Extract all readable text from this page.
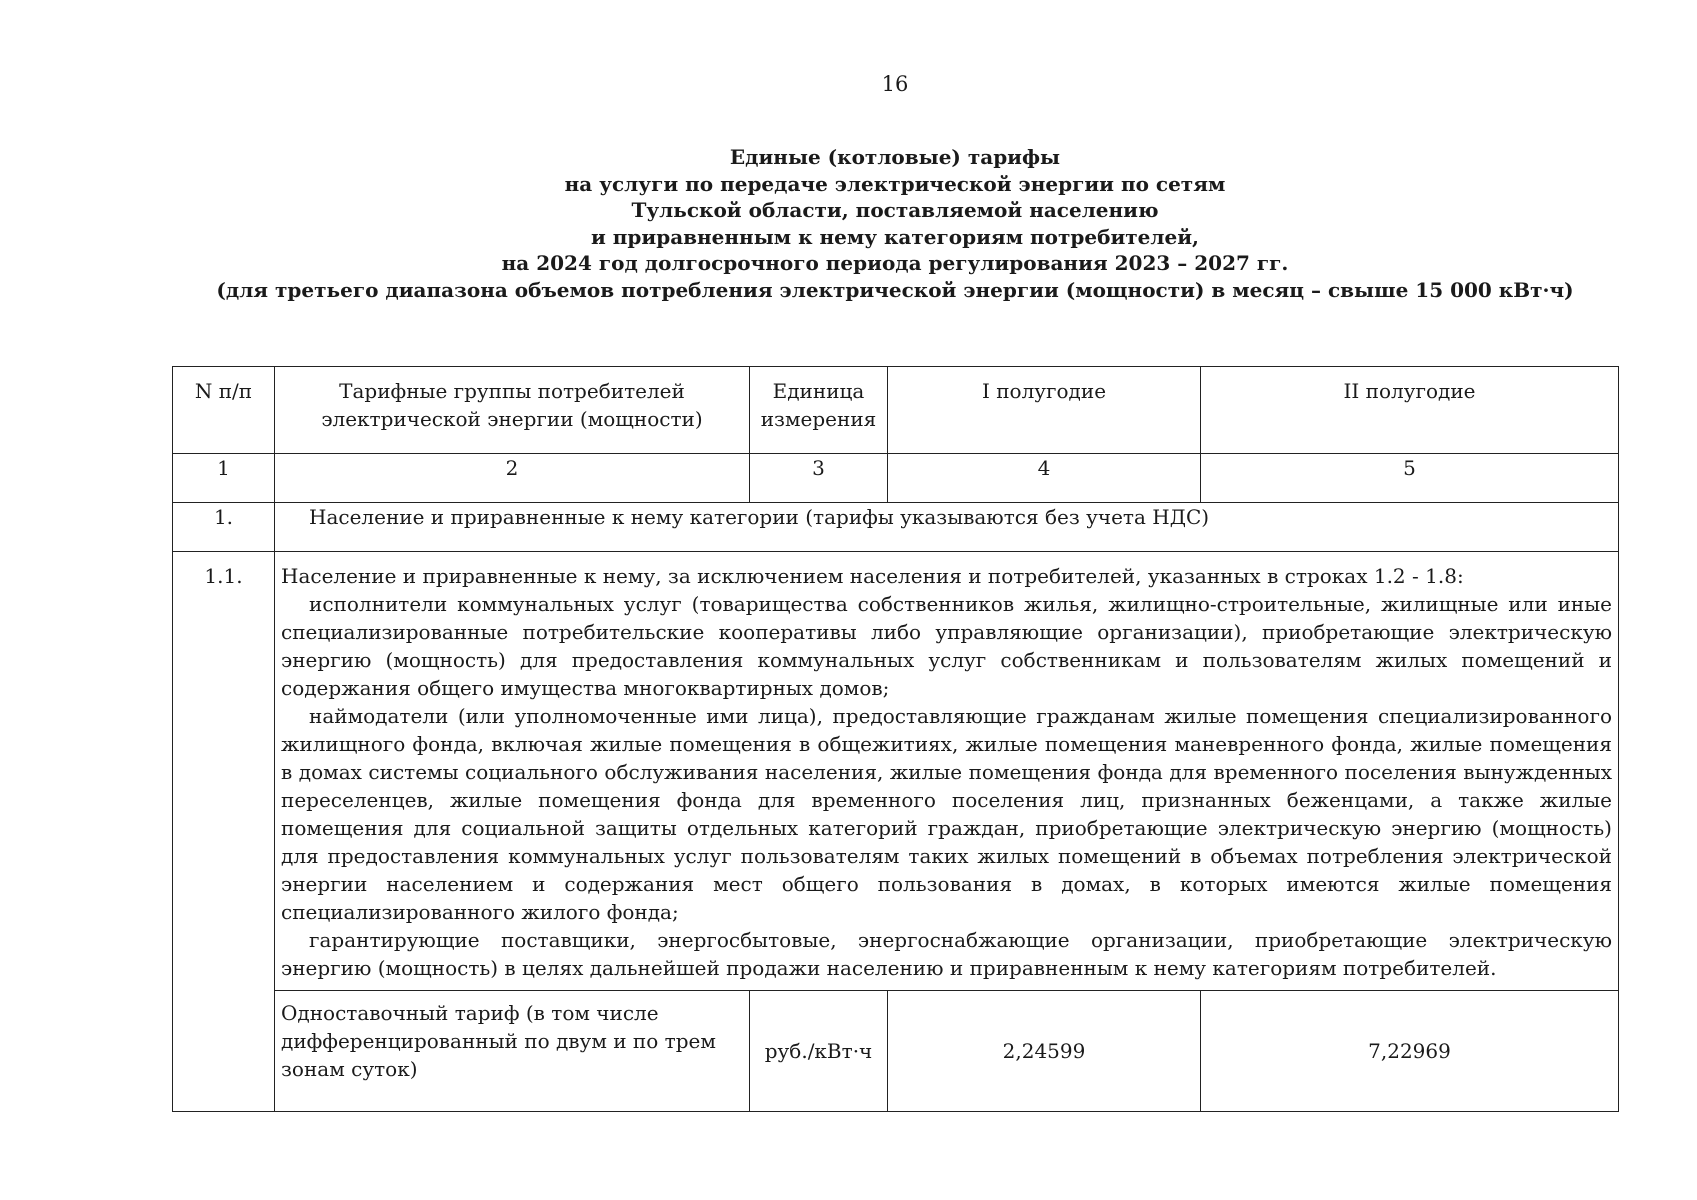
16
Единые (котловые) тарифы
на услуги по передаче электрической энергии по сетям
Тульской области, поставляемой населению
и приравненным к нему категориям потребителей,
на 2024 год долгосрочного периода регулирования 2023 – 2027 гг.
(для третьего диапазона объемов потребления электрической энергии (мощности) в месяц – свыше 15 000 кВт·ч)
N п/п	Тарифные группы потребителей электрической энергии (мощности)	Единица измерения	I полугодие	II полугодие
1	2	3	4	5
1.	Население и приравненные к нему категории (тарифы указываются без учета НДС)			
1.1.	Население и приравненные к нему, за исключением населения и потребителей, указанных в строках 1.2 - 1.8:

исполнители коммунальных услуг (товарищества собственников жилья, жилищно-строительные, жилищные или иные специализированные потребительские кооперативы либо управляющие организации), приобретающие электрическую энергию (мощность) для предоставления коммунальных услуг собственникам и пользователям жилых помещений и содержания общего имущества многоквартирных домов;

наймодатели (или уполномоченные ими лица), предоставляющие гражданам жилые помещения специализированного жилищного фонда, включая жилые помещения в общежитиях, жилые помещения маневренного фонда, жилые помещения в домах системы социального обслуживания населения, жилые помещения фонда для временного поселения вынужденных переселенцев, жилые помещения фонда для временного поселения лиц, признанных беженцами, а также жилые помещения для социальной защиты отдельных категорий граждан, приобретающие электрическую энергию (мощность) для предоставления коммунальных услуг пользователям таких жилых помещений в объемах потребления электрической энергии населением и содержания мест общего пользования в домах, в которых имеются жилые помещения специализированного жилого фонда;

гарантирующие поставщики, энергосбытовые, энергоснабжающие организации, приобретающие электрическую энергию (мощность) в целях дальнейшей продажи населению и приравненным к нему категориям потребителей.			

	Одноставочный тариф (в том числе дифференцированный по двум и по трем зонам суток)	руб./кВт·ч	2,24599	7,22969
